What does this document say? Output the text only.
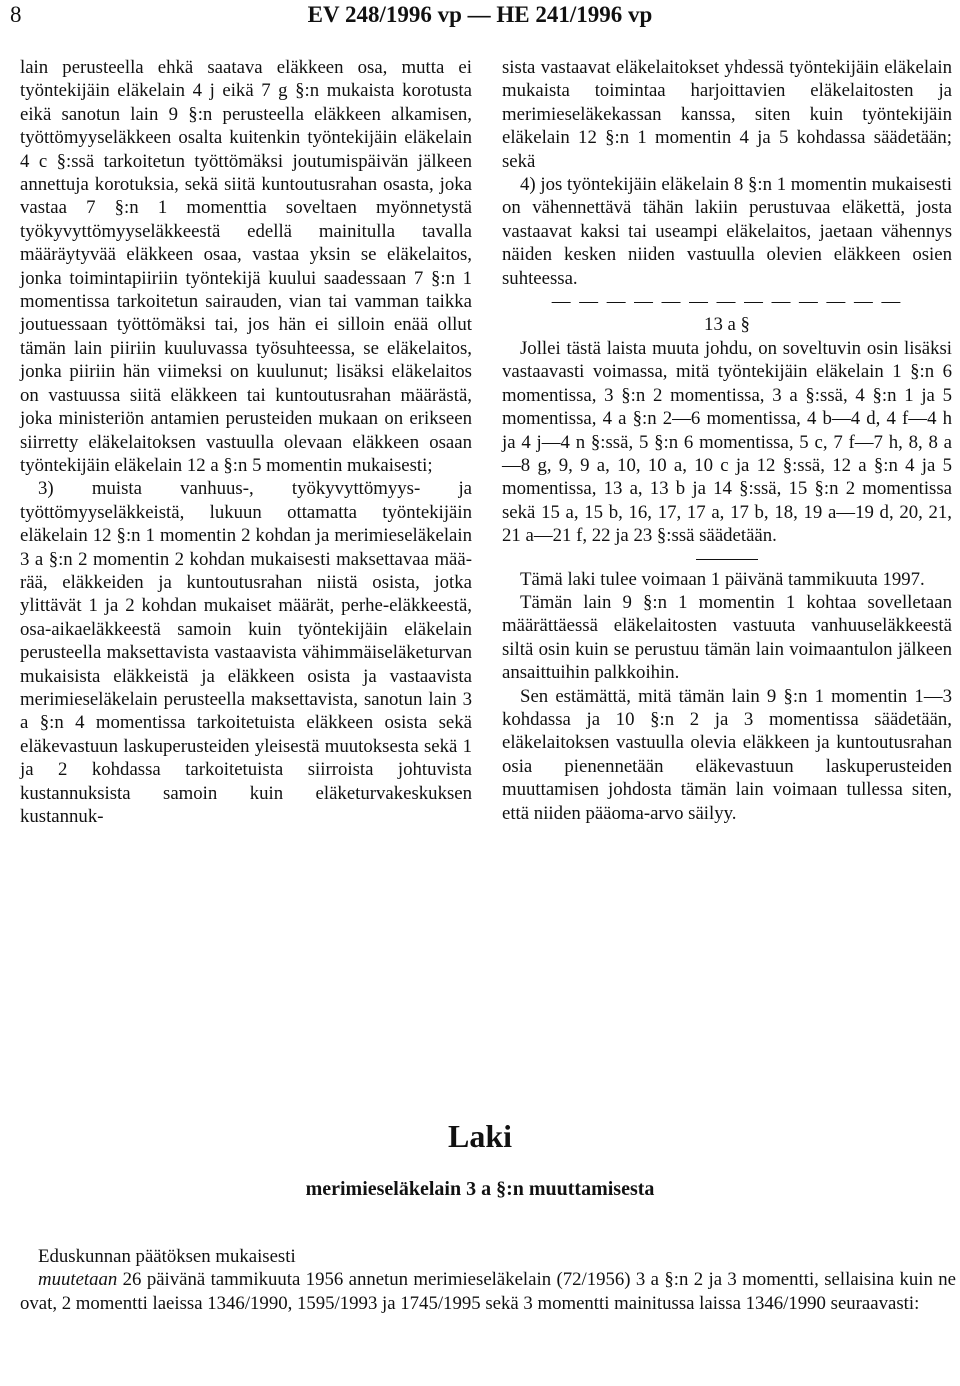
8	EV 248/1996 vp — HE 241/1996 vp

lain perusteella ehkä saatava eläkkeen osa, mutta ei työntekijäin eläkelain 4 j eikä 7 g §:n mukaista korotusta eikä sanotun lain 9 §:n perusteella eläkkeen alkamisen, työttömyyseläkkeen osalta kuitenkin työntekijäin eläkelain 4 c §:ssä tarkoitetun työttömäksi joutumispäivän jälkeen annettuja korotuksia, sekä siitä kuntoutusrahan osasta, joka vastaa 7 §:n 1 momenttia soveltaen myönnetystä työkyvyttömyyseläkkeestä edellä mainitulla tavalla määräytyvää eläkkeen osaa, vastaa yksin se eläkelaitos, jonka toimintapiiriin työntekijä kuului saadessaan 7 §:n 1 momentissa tarkoitetun sairauden, vian tai vamman taikka joutuessaan työttömäksi tai, jos hän ei silloin enää ollut tämän lain piiriin kuuluvassa työsuhteessa, se eläkelaitos, jonka piiriin hän viimeksi on kuulunut; lisäksi eläkelaitos on vastuussa siitä eläkkeen tai kuntoutusrahan määrästä, joka ministeriön antamien perusteiden mukaan on erikseen siirretty eläkelaitoksen vastuulla olevaan eläkkeen osaan työntekijäin eläkelain 12 a §:n 5 momentin mukaisesti;

3) muista vanhuus-, työkyvyttömyys- ja työttömyyseläkkeistä, lukuun ottamatta työntekijäin eläkelain 12 §:n 1 momentin 2 kohdan ja merimieseläkelain 3 a §:n 2 momentin 2 kohdan mukaisesti maksettavaa määrää, eläkkeiden ja kuntoutusrahan niistä osista, jotka ylittävät 1 ja 2 kohdan mukaiset määrät, perhe-eläkkeestä, osa-aikaeläkkeestä samoin kuin työntekijäin eläkelain perusteella maksettavista vastaavista vähimmäiseläketurvan mukaisista eläkkeistä ja eläkkeen osista ja vastaavista merimieseläkelain perusteella maksettavista, sanotun lain 3 a §:n 4 momentissa tarkoitetuista eläkkeen osista sekä eläkevastuun laskuperusteiden yleisestä muutoksesta sekä 1 ja 2 kohdassa tarkoitetuista siirroista johtuvista kustannuksista samoin kuin eläketurvakeskuksen kustannuk-

sista vastaavat eläkelaitokset yhdessä työntekijäin eläkelain mukaista toimintaa harjoittavien eläkelaitosten ja merimieseläkekassan kanssa, siten kuin työntekijäin eläkelain 12 §:n 1 momentin 4 ja 5 kohdassa säädetään; sekä

4) jos työntekijäin eläkelain 8 §:n 1 momentin mukaisesti on vähennettävä tähän lakiin perustuvaa eläkettä, josta vastaavat kaksi tai useampi eläkelaitos, jaetaan vähennys näiden kesken niiden vastuulla olevien eläkkeen osien suhteessa.

— — — — — — — — — — — — —

13 a §

Jollei tästä laista muuta johdu, on soveltuvin osin lisäksi vastaavasti voimassa, mitä työntekijäin eläkelain 1 §:n 6 momentissa, 3 §:n 2 momentissa, 3 a §:ssä, 4 §:n 1 ja 5 momentissa, 4 a §:n 2—6 momentissa, 4 b—4 d, 4 f—4 h ja 4 j—4 n §:ssä, 5 §:n 6 momentissa, 5 c, 7 f—7 h, 8, 8 a—8 g, 9, 9 a, 10, 10 a, 10 c ja 12 §:ssä, 12 a §:n 4 ja 5 momentissa, 13 a, 13 b ja 14 §:ssä, 15 §:n 2 momentissa sekä 15 a, 15 b, 16, 17, 17 a, 17 b, 18, 19 a—19 d, 20, 21, 21 a—21 f, 22 ja 23 §:ssä säädetään.

Tämä laki tulee voimaan 1 päivänä tammikuuta 1997.

Tämän lain 9 §:n 1 momentin 1 kohtaa sovelletaan määrättäessä eläkelaitosten vastuuta vanhuuseläkkeestä siltä osin kuin se perustuu tämän lain voimaantulon jälkeen ansaittuihin palkkoihin.

Sen estämättä, mitä tämän lain 9 §:n 1 momentin 1—3 kohdassa ja 10 §:n 2 ja 3 momentissa säädetään, eläkelaitoksen vastuulla olevia eläkkeen ja kuntoutusrahan osia pienennetään eläkevastuun laskuperusteiden muuttamisen johdosta tämän lain voimaan tullessa siten, että niiden pääoma-arvo säilyy.

Laki
merimieseläkelain 3 a §:n muuttamisesta

Eduskunnan päätöksen mukaisesti

muutetaan 26 päivänä tammikuuta 1956 annetun merimieseläkelain (72/1956) 3 a §:n 2 ja 3 momentti, sellaisina kuin ne ovat, 2 momentti laeissa 1346/1990, 1595/1993 ja 1745/1995 sekä 3 momentti mainitussa laissa 1346/1990 seuraavasti:
